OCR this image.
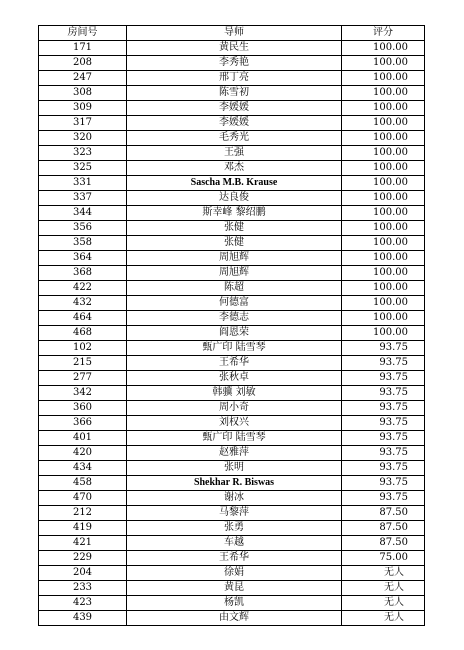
房间号	导师	评分
171	黄民生	100.00
208	李秀艳	100.00
247	邢丁亮	100.00
308	陈雪初	100.00
309	李媛媛	100.00
317	李媛媛	100.00
320	毛秀光	100.00
323	王强	100.00
325	邓杰	100.00
331	Sascha M.B. Krause	100.00
337	达良俊	100.00
344	斯幸峰 黎绍鹏	100.00
356	张健	100.00
358	张健	100.00
364	周旭辉	100.00
368	周旭辉	100.00
422	陈超	100.00
432	何德富	100.00
464	李德志	100.00
468	阎恩荣	100.00
102	甄广印 陆雪琴	93.75
215	王希华	93.75
277	张秋卓	93.75
342	韩骥 刘敏	93.75
360	周小奇	93.75
366	刘权兴	93.75
401	甄广印 陆雪琴	93.75
420	赵雅萍	93.75
434	张明	93.75
458	Shekhar R. Biswas	93.75
470	谢冰	93.75
212	马黎萍	87.50
419	张勇	87.50
421	车越	87.50
229	王希华	75.00
204	徐娟	无人
233	黄昆	无人
423	杨凯	无人
439	由文辉	无人
